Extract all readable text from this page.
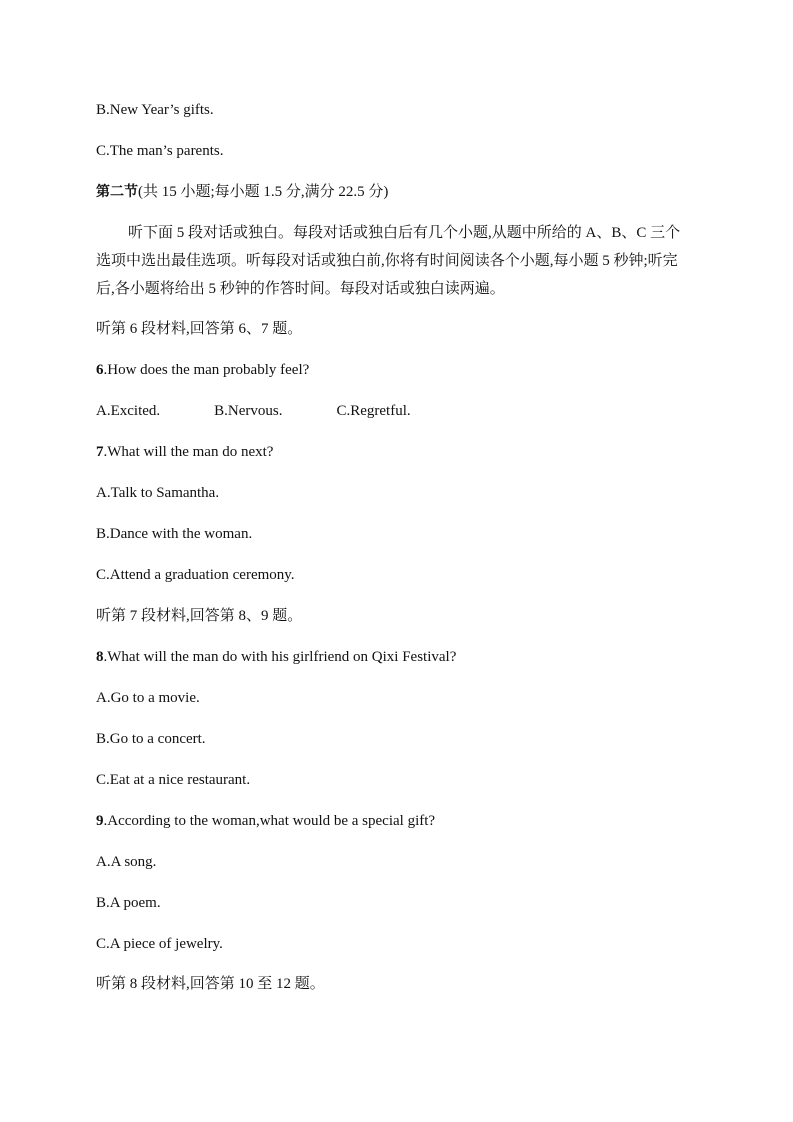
B.New Year’s gifts.
C.The man’s parents.
第二节(共 15 小题;每小题 1.5 分,满分 22.5 分)
听下面 5 段对话或独白。每段对话或独白后有几个小题,从题中所给的 A、B、C 三个选项中选出最佳选项。听每段对话或独白前,你将有时间阅读各个小题,每小题 5 秒钟;听完后,各小题将给出 5 秒钟的作答时间。每段对话或独白读两遍。
听第 6 段材料,回答第 6、7 题。
6.How does the man probably feel?
A.Excited.	B.Nervous.	C.Regretful.
7.What will the man do next?
A.Talk to Samantha.
B.Dance with the woman.
C.Attend a graduation ceremony.
听第 7 段材料,回答第 8、9 题。
8.What will the man do with his girlfriend on Qixi Festival?
A.Go to a movie.
B.Go to a concert.
C.Eat at a nice restaurant.
9.According to the woman,what would be a special gift?
A.A song.
B.A poem.
C.A piece of jewelry.
听第 8 段材料,回答第 10 至 12 题。
